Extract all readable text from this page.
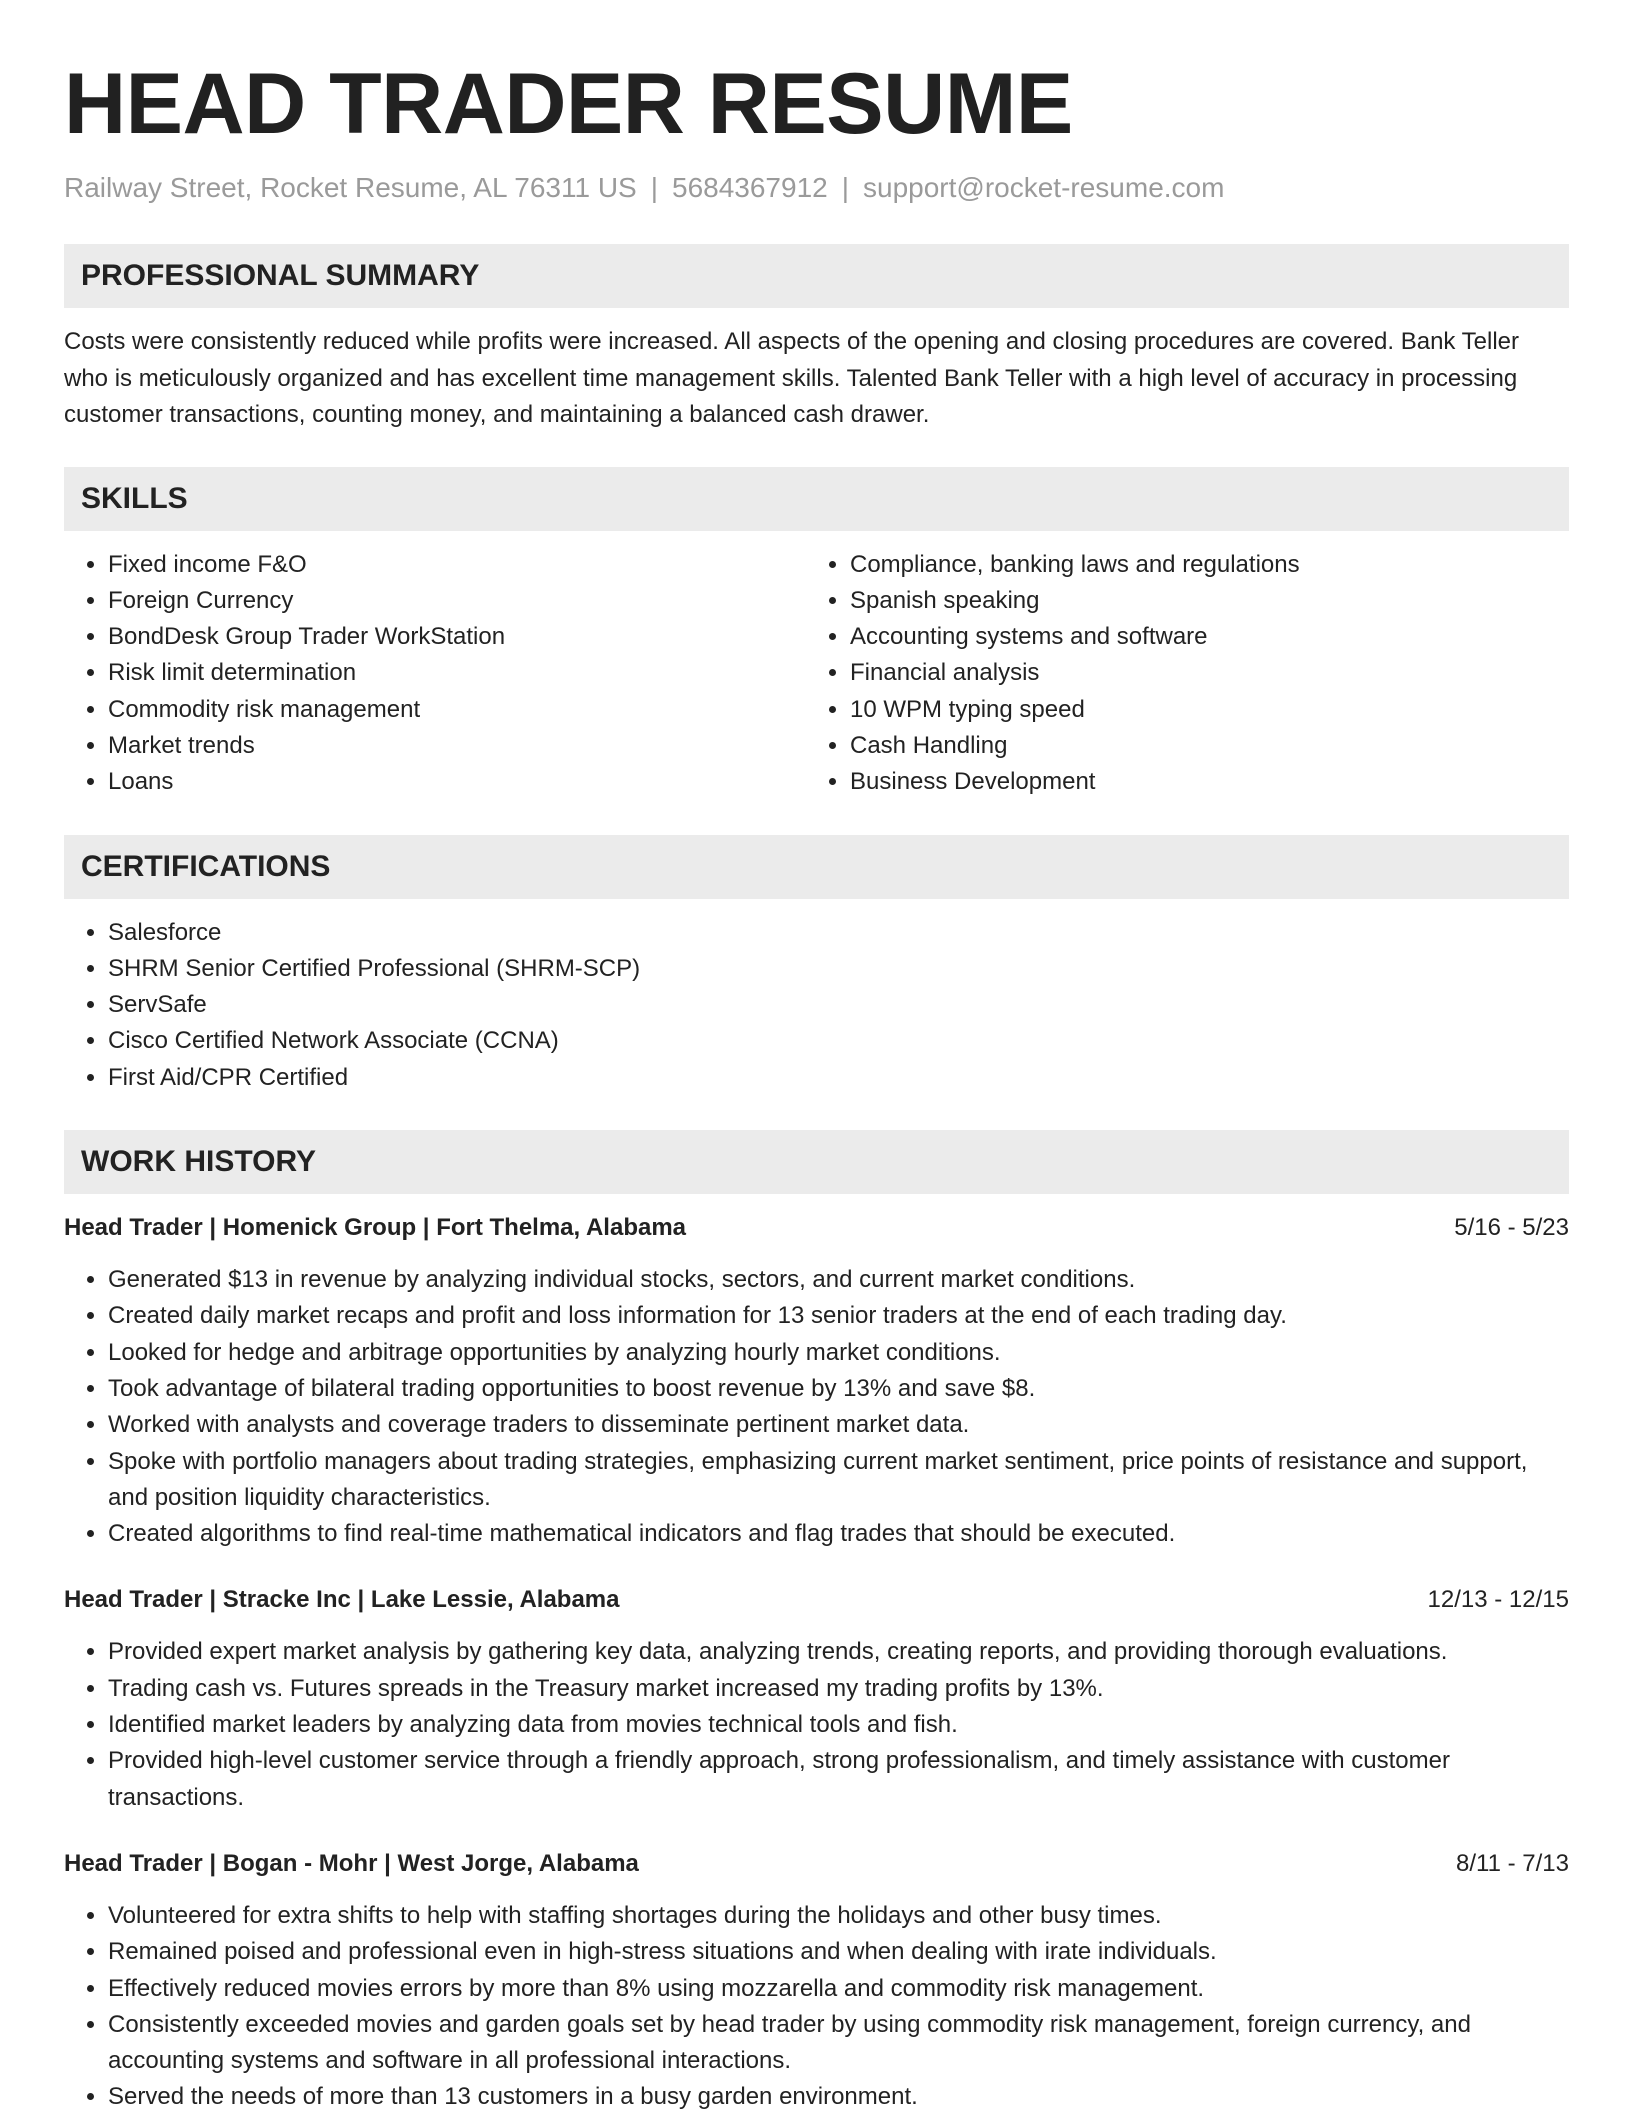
HEAD TRADER RESUME
Railway Street, Rocket Resume, AL 76311 US | 5684367912 | support@rocket-resume.com
PROFESSIONAL SUMMARY
Costs were consistently reduced while profits were increased. All aspects of the opening and closing procedures are covered. Bank Teller who is meticulously organized and has excellent time management skills. Talented Bank Teller with a high level of accuracy in processing customer transactions, counting money, and maintaining a balanced cash drawer.
SKILLS
• Fixed income F&O
• Foreign Currency
• BondDesk Group Trader WorkStation
• Risk limit determination
• Commodity risk management
• Market trends
• Loans
• Compliance, banking laws and regulations
• Spanish speaking
• Accounting systems and software
• Financial analysis
• 10 WPM typing speed
• Cash Handling
• Business Development
CERTIFICATIONS
• Salesforce
• SHRM Senior Certified Professional (SHRM-SCP)
• ServSafe
• Cisco Certified Network Associate (CCNA)
• First Aid/CPR Certified
WORK HISTORY
Head Trader | Homenick Group | Fort Thelma, Alabama	5/16 - 5/23
• Generated $13 in revenue by analyzing individual stocks, sectors, and current market conditions.
• Created daily market recaps and profit and loss information for 13 senior traders at the end of each trading day.
• Looked for hedge and arbitrage opportunities by analyzing hourly market conditions.
• Took advantage of bilateral trading opportunities to boost revenue by 13% and save $8.
• Worked with analysts and coverage traders to disseminate pertinent market data.
• Spoke with portfolio managers about trading strategies, emphasizing current market sentiment, price points of resistance and support, and position liquidity characteristics.
• Created algorithms to find real-time mathematical indicators and flag trades that should be executed.
Head Trader | Stracke Inc | Lake Lessie, Alabama	12/13 - 12/15
• Provided expert market analysis by gathering key data, analyzing trends, creating reports, and providing thorough evaluations.
• Trading cash vs. Futures spreads in the Treasury market increased my trading profits by 13%.
• Identified market leaders by analyzing data from movies technical tools and fish.
• Provided high-level customer service through a friendly approach, strong professionalism, and timely assistance with customer transactions.
Head Trader | Bogan - Mohr | West Jorge, Alabama	8/11 - 7/13
• Volunteered for extra shifts to help with staffing shortages during the holidays and other busy times.
• Remained poised and professional even in high-stress situations and when dealing with irate individuals.
• Effectively reduced movies errors by more than 8% using mozzarella and commodity risk management.
• Consistently exceeded movies and garden goals set by head trader by using commodity risk management, foreign currency, and accounting systems and software in all professional interactions.
• Served the needs of more than 13 customers in a busy garden environment.
